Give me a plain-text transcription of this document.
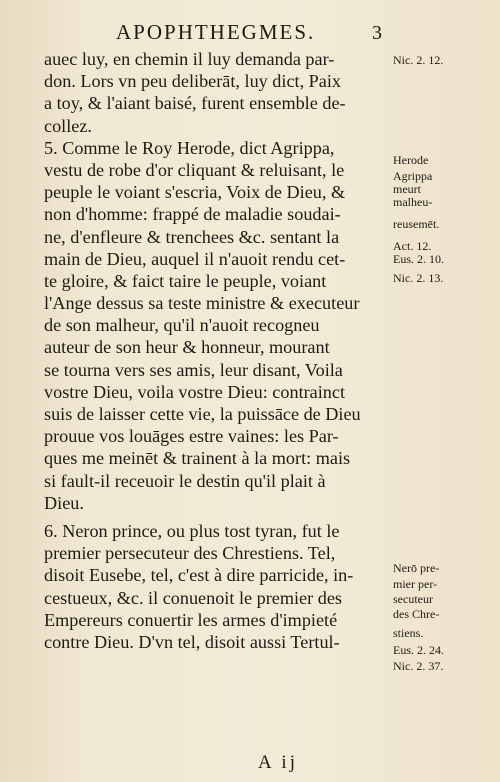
APOPHTHEGMES.	3
auec luy, en chemin il luy demanda par-
don. Lors vn peu deliberāt, luy dict, Paix
a toy, & l'aiant baisé, furent ensemble de-
collez.
5. Comme le Roy Herode, dict Agrippa,
vestu de robe d'or cliquant & reluisant, le
peuple le voiant s'escria, Voix de Dieu, &
non d'homme: frappé de maladie soudai-
ne, d'enfleure & trenchees &c. sentant la
main de Dieu, auquel il n'auoit rendu cet-
te gloire, & faict taire le peuple, voiant
l'Ange dessus sa teste ministre & executeur
de son malheur, qu'il n'auoit recogneu
auteur de son heur & honneur, mourant
se tourna vers ses amis, leur disant, Voila
vostre Dieu, voila vostre Dieu: contrainct
suis de laisser cette vie, la puissāce de Dieu
prouue vos louāges estre vaines: les Par-
ques me meinēt & trainent à la mort: mais
si fault-il receuoir le destin qu'il plait à
Dieu.
6. Neron prince, ou plus tost tyran, fut le
premier persecuteur des Chrestiens. Tel,
disoit Eusebe, tel, c'est à dire parricide, in-
cestueux, &c. il conuenoit le premier des
Empereurs conuertir les armes d'impieté
contre Dieu. D'vn tel, disoit aussi Tertul-
Nic. 2. 12.
Herode
Agrippa
meurt
malheu-
reusemēt.
Act. 12.
Eus. 2. 10.
Nic. 2. 13.
Nerō pre-
mier per-
secuteur
des Chre-
stiens.
Eus. 2. 24.
Nic. 2. 37.
A ij
